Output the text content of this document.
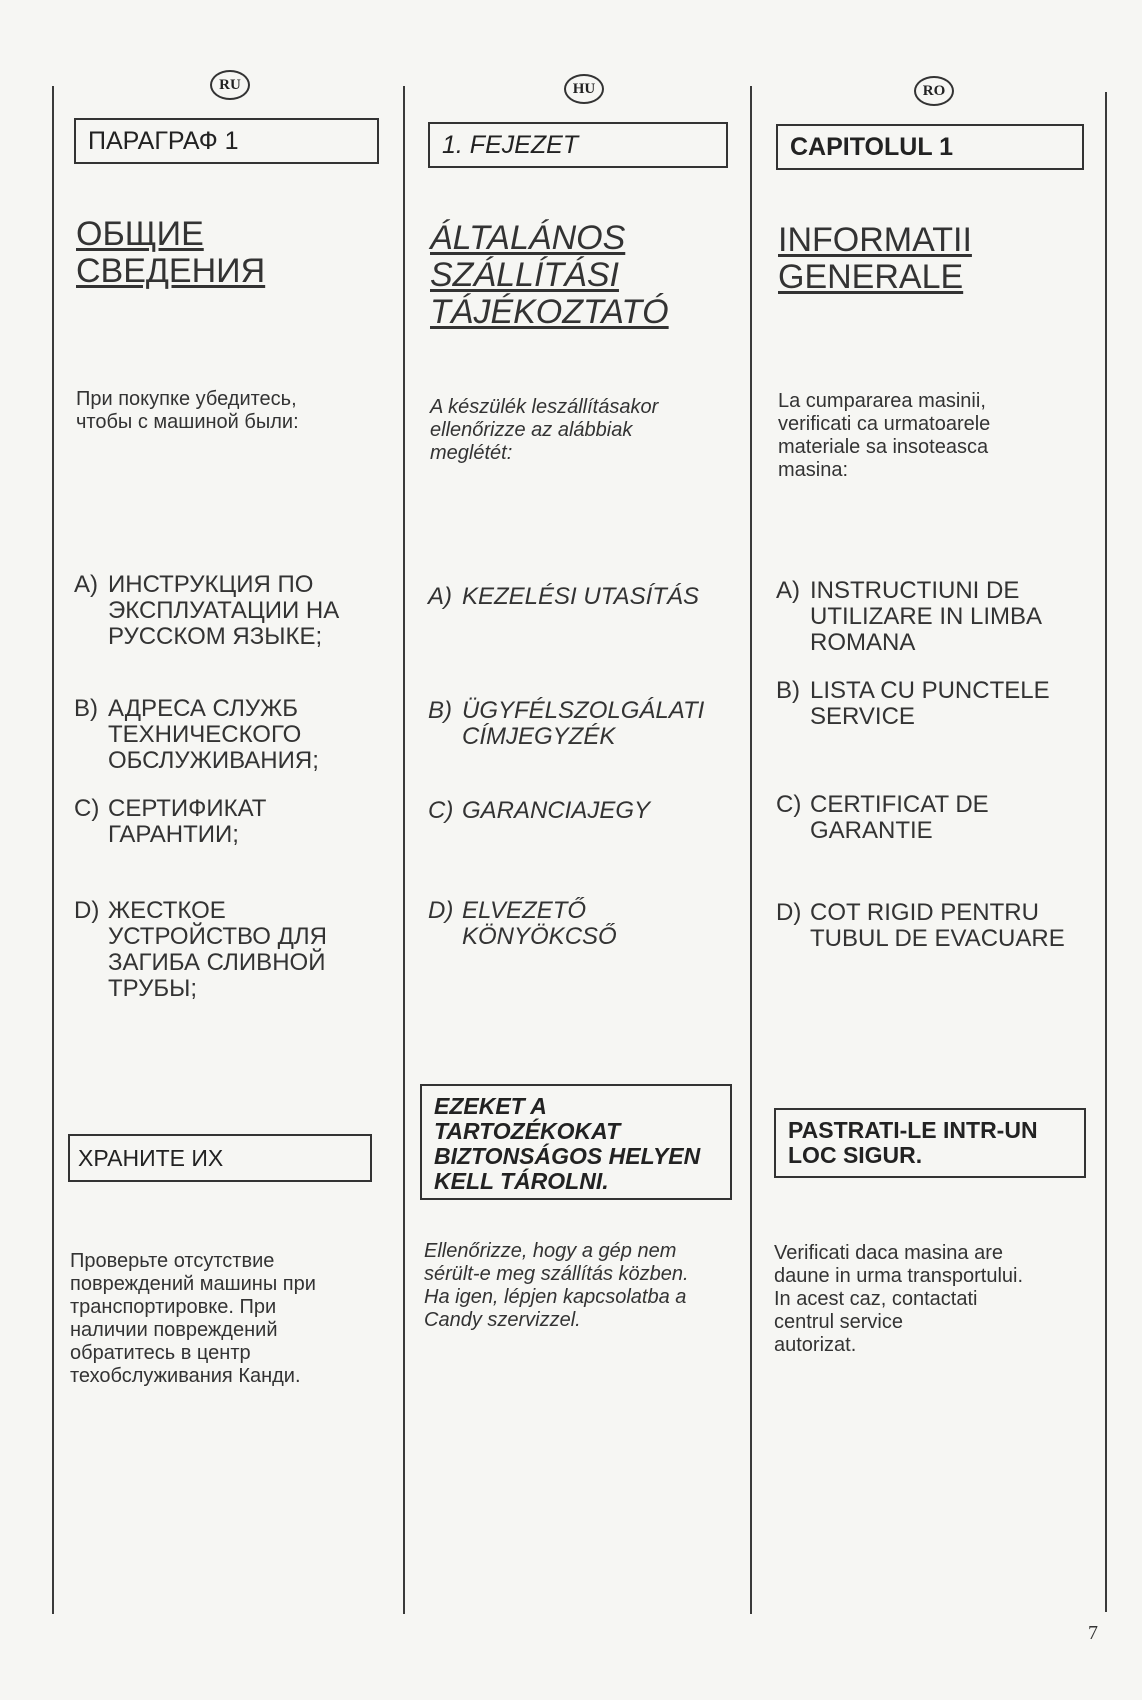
RU
ПАРАГРАФ 1
ОБЩИЕ
СВЕДЕНИЯ
При покупке убедитесь,
чтобы с машиной были:
A) ИНСТРУКЦИЯ ПО ЭКСПЛУАТАЦИИ НА РУССКОМ ЯЗЫКЕ;
B) АДРЕСА СЛУЖБ ТЕХНИЧЕСКОГО ОБСЛУЖИВАНИЯ;
C) СЕРТИФИКАТ ГАРАНТИИ;
D) ЖЕСТКОЕ УСТРОЙСТВО ДЛЯ ЗАГИБА СЛИВНОЙ ТРУБЫ;
ХРАНИТЕ ИХ
Проверьте отсутствие
повреждений машины при
транспортировке. При
наличии повреждений
обратитесь в центр
техобслуживания Канди.
HU
1. FEJEZET
ÁLTALÁNOS
SZÁLLÍTÁSI
TÁJÉKOZTATÓ
A készülék leszállításakor
ellenőrizze az alábbiak
meglétét:
A) KEZELÉSI UTASÍTÁS
B) ÜGYFÉLSZOLGÁLATI CÍMJEGYZÉK
C) GARANCIAJEGY
D) ELVEZETŐ KÖNYÖKCSŐ
EZEKET A
TARTOZÉKOKAT
BIZTONSÁGOS HELYEN
KELL TÁROLNI.
Ellenőrizze, hogy a gép nem
sérült-e meg szállítás közben.
Ha igen, lépjen kapcsolatba a
Candy szervizzel.
RO
CAPITOLUL 1
INFORMATII
GENERALE
La cumpararea masinii,
verificati ca urmatoarele
materiale sa insoteasca
masina:
A) INSTRUCTIUNI DE UTILIZARE IN LIMBA ROMANA
B) LISTA CU PUNCTELE SERVICE
C) CERTIFICAT DE GARANTIE
D) COT RIGID PENTRU TUBUL DE EVACUARE
PASTRATI-LE INTR-UN
LOC SIGUR.
Verificati daca masina are
daune in urma transportului.
In acest caz, contactati
centrul service
autorizat.
7
